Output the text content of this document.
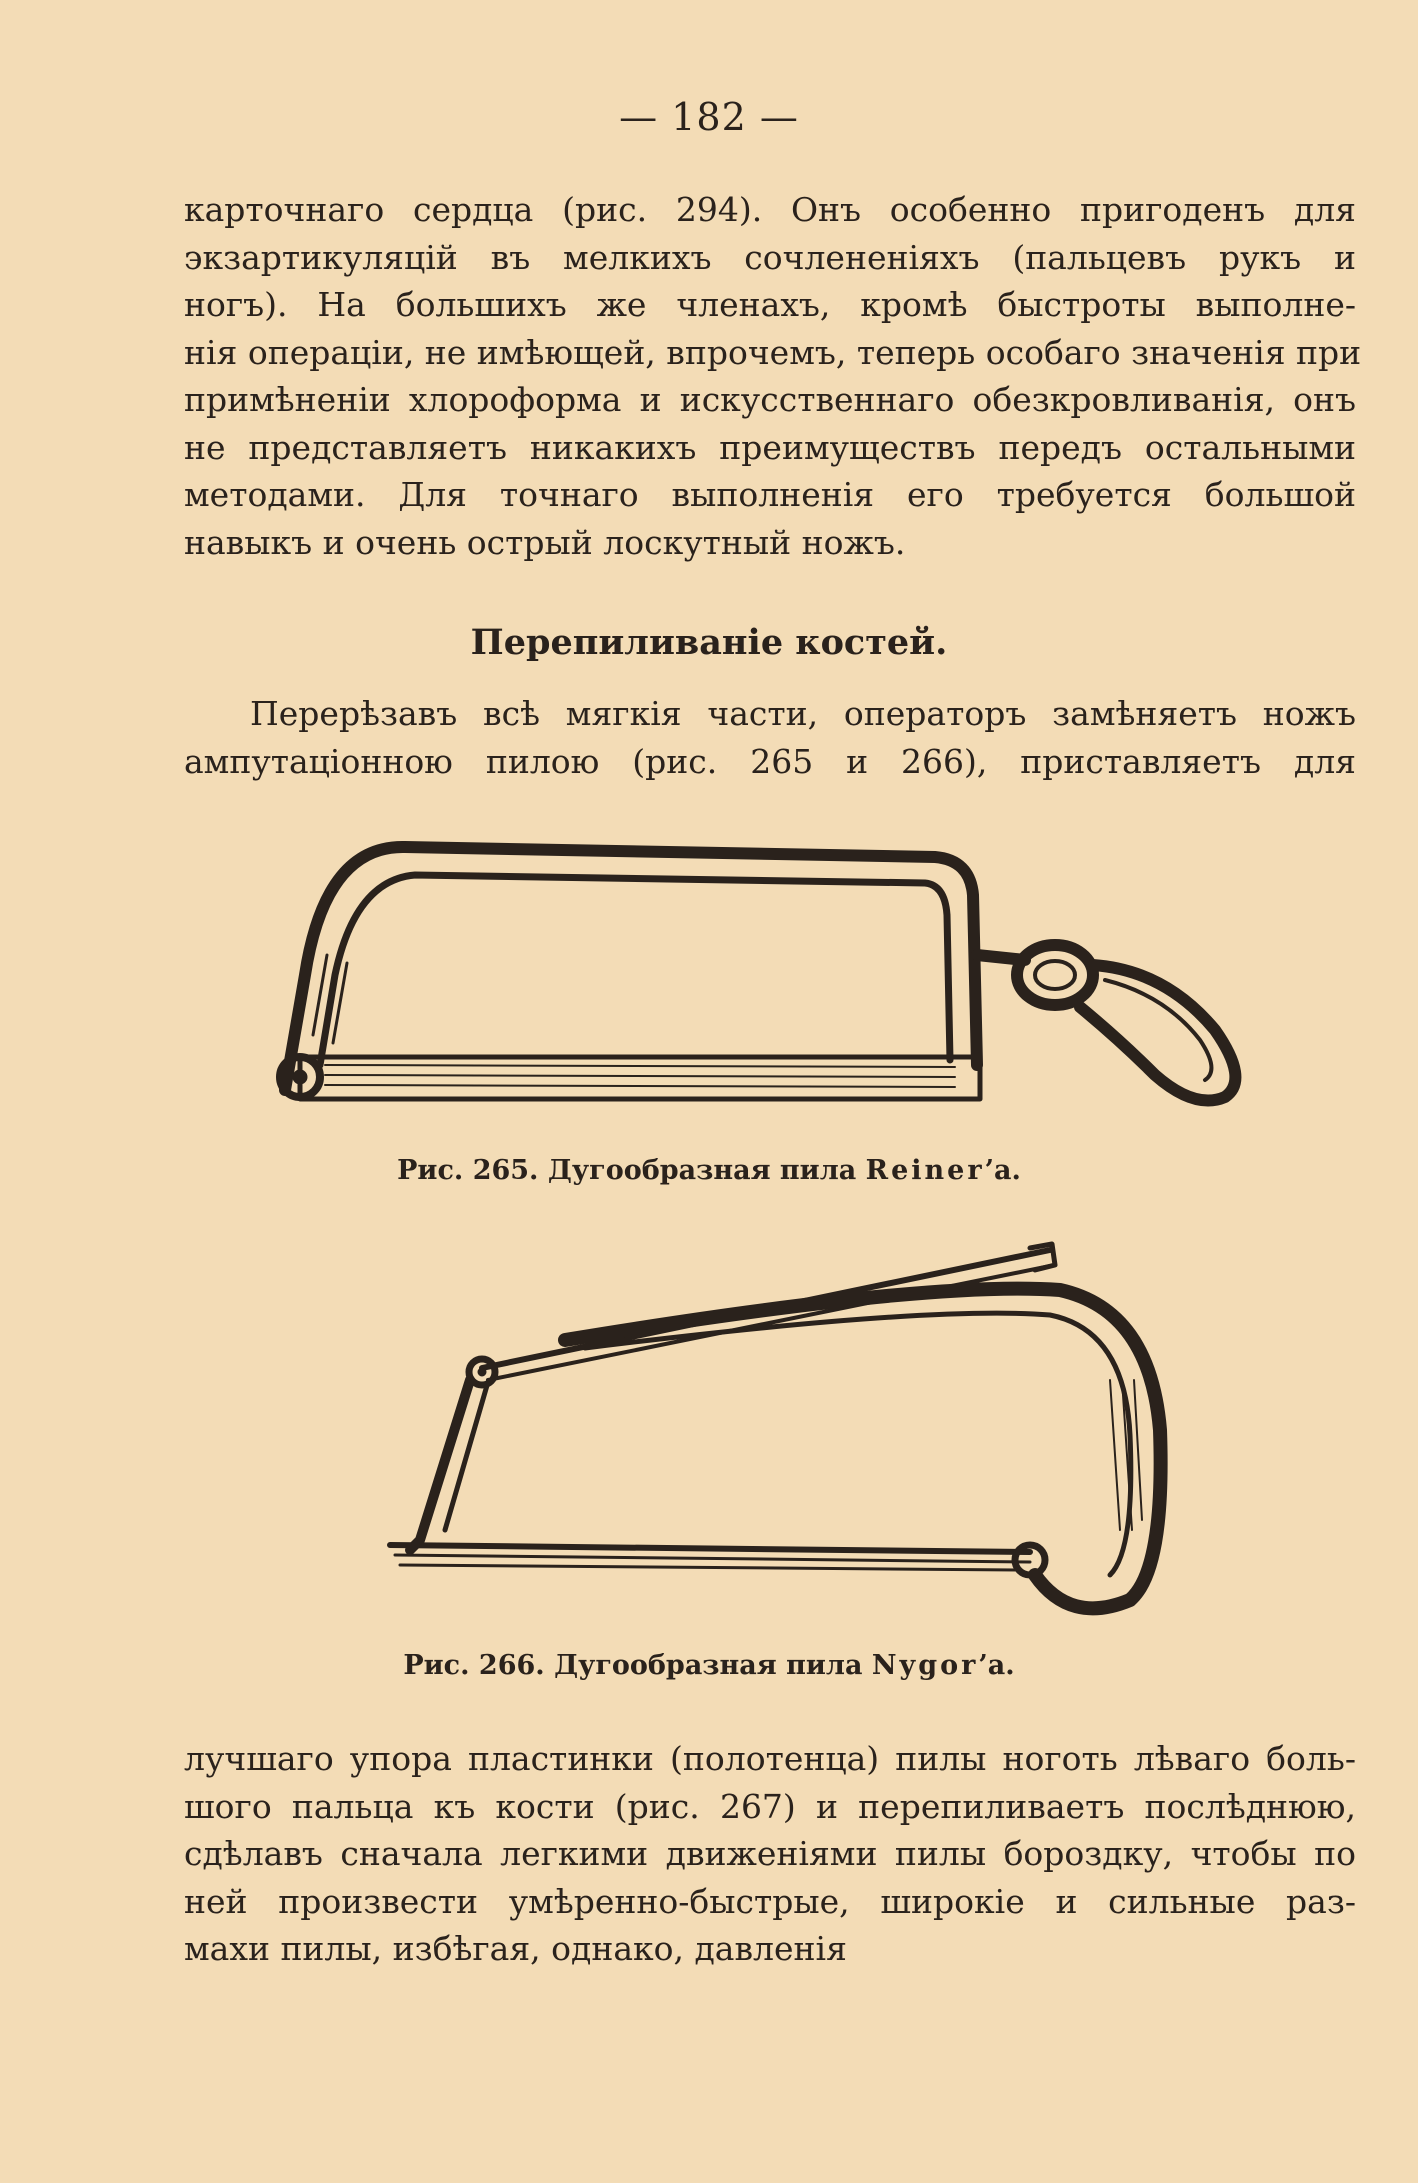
— 182 —
карточнаго сердца (рис. 294). Онъ особенно пригоденъ для
экзартикуляцiй въ мелкихъ сочлененiяхъ (пальцевъ рукъ и
ногъ). На большихъ же членахъ, кромѣ быстроты выполне-
нiя операцiи, не имѣющей, впрочемъ, теперь особаго значенiя при
примѣненiи хлороформа и искусственнаго обезкровливанiя, онъ
не представляетъ никакихъ преимуществъ передъ остальными
методами. Для точнаго выполненiя его требуется большой
навыкъ и очень острый лоскутный ножъ.
Перепиливанiе костей.
Перерѣзавъ всѣ мягкiя части, операторъ замѣняетъ ножъ
ампутацiонною пилою (рис. 265 и 266), приставляетъ для
Рис. 265. Дугообразная пила Reiner’а.
Рис. 266. Дугообразная пила Nygor’а.
лучшаго упора пластинки (полотенца) пилы ноготь лѣваго боль-
шого пальца къ кости (рис. 267) и перепиливаетъ послѣднюю,
сдѣлавъ сначала легкими движенiями пилы бороздку, чтобы по
ней произвести умѣренно-быстрые, широкiе и сильные раз-
махи пилы, избѣгая, однако, давленiя
